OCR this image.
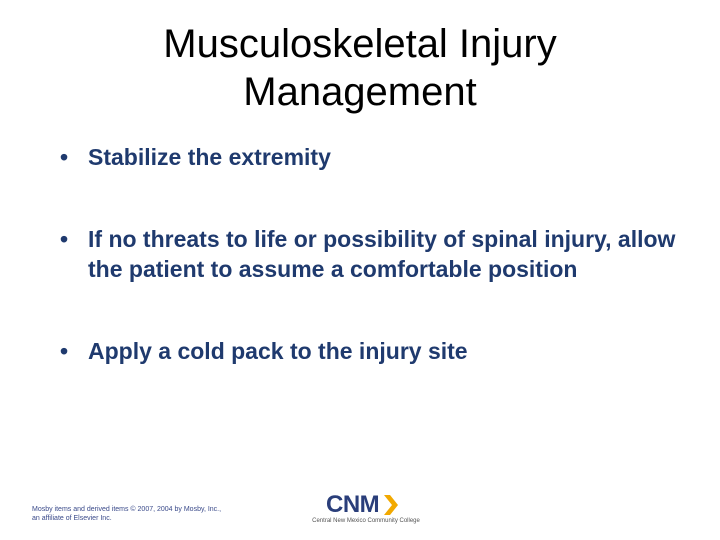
Musculoskeletal Injury
Management
• Stabilize the extremity
• If no threats to life or possibility of spinal injury, allow the patient to assume a comfortable position
• Apply a cold pack to the injury site
Mosby items and derived items © 2007, 2004 by Mosby, Inc.,
an affiliate of Elsevier Inc.
CNM
Central New Mexico Community College
